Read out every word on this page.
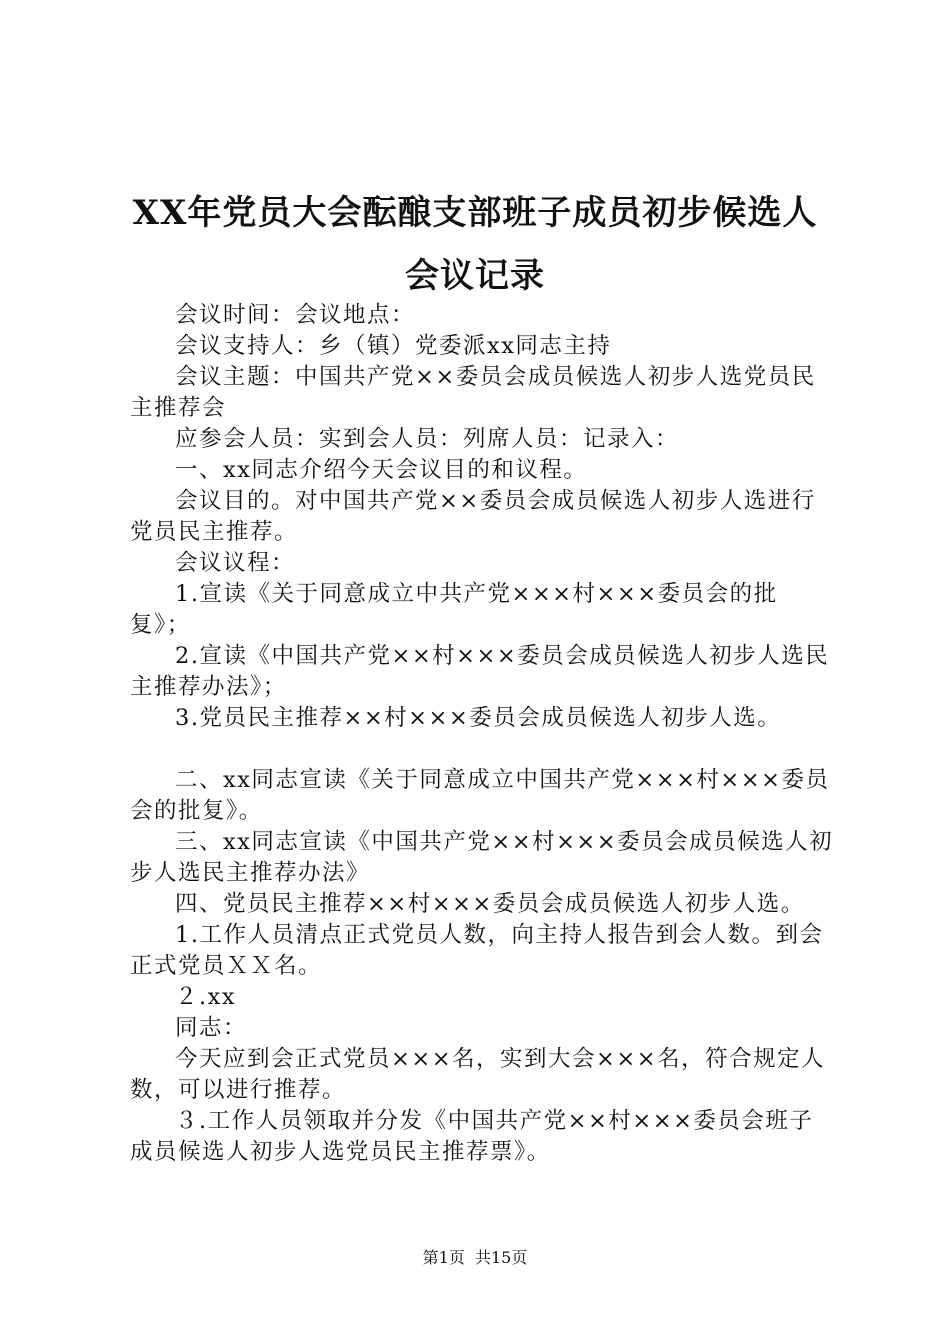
XX年党员大会酝酿支部班子成员初步候选人
会议记录

会议时间：会议地点：

会议支持人：乡（镇）党委派xx同志主持

会议主题：中国共产党××委员会成员候选人初步人选党员民主推荐会

应参会人员：实到会人员：列席人员：记录入：

一、xx同志介绍今天会议目的和议程。

会议目的。对中国共产党××委员会成员候选人初步人选进行党员民主推荐。

会议议程：

1.宣读《关于同意成立中共产党×××村×××委员会的批复》；

2.宣读《中国共产党××村×××委员会成员候选人初步人选民主推荐办法》；

3.党员民主推荐××村×××委员会成员候选人初步人选。

二、xx同志宣读《关于同意成立中国共产党×××村×××委员会的批复》。

三、xx同志宣读《中国共产党××村×××委员会成员候选人初步人选民主推荐办法》

四、党员民主推荐××村×××委员会成员候选人初步人选。

1.工作人员清点正式党员人数，向主持人报告到会人数。到会正式党员ＸＸ名。

２.xx

同志：

今天应到会正式党员×××名，实到大会×××名，符合规定人数，可以进行推荐。

３.工作人员领取并分发《中国共产党××村×××委员会班子成员候选人初步人选党员民主推荐票》。

第1页  共15页
